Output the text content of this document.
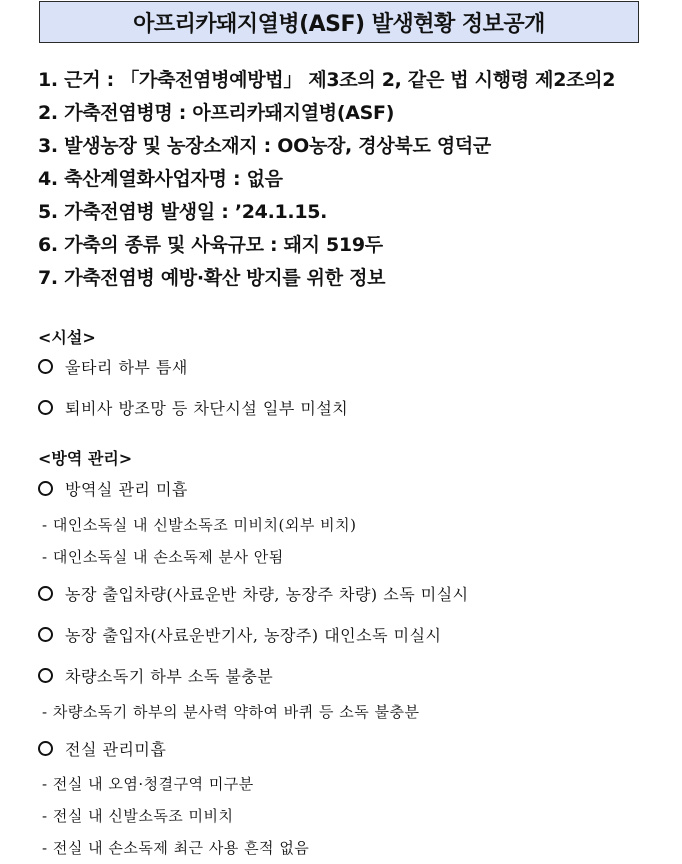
아프리카돼지열병(ASF) 발생현황 정보공개
1. 근거 : 「가축전염병예방법」 제3조의 2, 같은 법 시행령 제2조의2
2. 가축전염병명 : 아프리카돼지열병(ASF)
3. 발생농장 및 농장소재지 : OO농장, 경상북도 영덕군
4. 축산계열화사업자명 : 없음
5. 가축전염병 발생일 : ’24.1.15.
6. 가축의 종류 및 사육규모 : 돼지 519두
7. 가축전염병 예방·확산 방지를 위한 정보
<시설>
울타리 하부 틈새
퇴비사 방조망 등 차단시설 일부 미설치
<방역 관리>
방역실 관리 미흡
- 대인소독실 내 신발소독조 미비치(외부 비치)
- 대인소독실 내 손소독제 분사 안됨
농장 출입차량(사료운반 차량, 농장주 차량) 소독 미실시
농장 출입자(사료운반기사, 농장주) 대인소독 미실시
차량소독기 하부 소독 불충분
- 차량소독기 하부의 분사력 약하여 바퀴 등 소독 불충분
전실 관리미흡
- 전실 내 오염·청결구역 미구분
- 전실 내 신발소독조 미비치
- 전실 내 손소독제 최근 사용 흔적 없음
